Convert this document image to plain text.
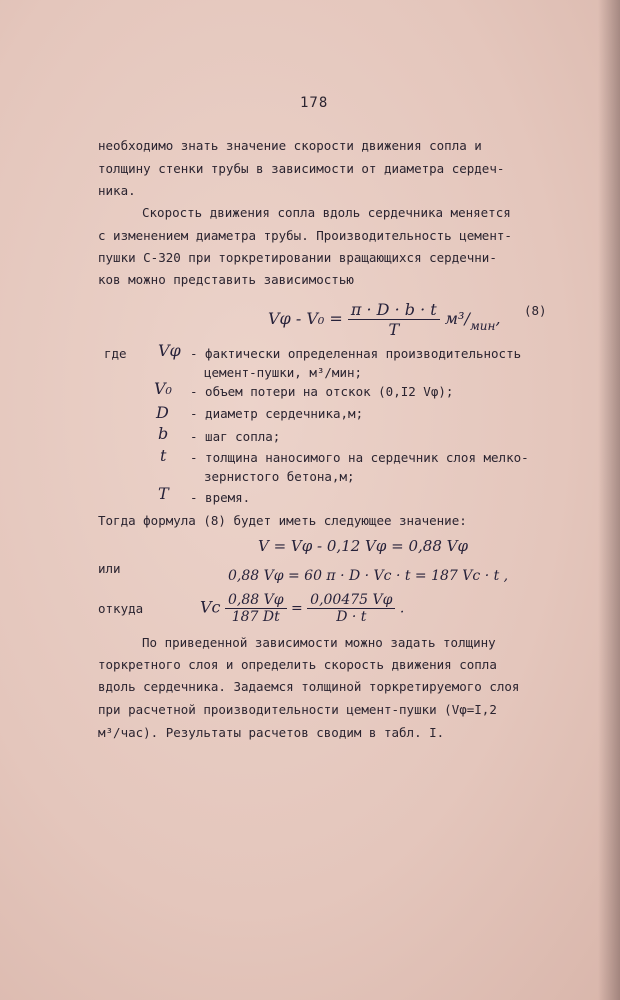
178
необходимо знать значение скорости движения сопла и
толщину стенки трубы в зависимости от диаметра сердеч-
ника.
Скорость движения сопла вдоль сердечника меняется
с изменением диаметра трубы. Производительность цемент-
пушки С-320 при торкретировании вращающихся сердечни-
ков можно представить зависимостью
$V\varphi - V_0 = \frac{\pi \cdot D \cdot b \cdot t}{T} м^3/_{мин}$, (8)
где Vφ - фактически определенная производительность
цемент-пушки, м³/мин;
V₀ - объем потери на отскок (0,I2 Vφ);
D - диаметр сердечника,м;
b - шаг сопла;
t - толщина наносимого на сердечник слоя мелко-
зернистого бетона,м;
T - время.
Тогда формула (8) будет иметь следующее значение:
V = Vφ - 0,12 Vφ = 0,88 Vφ
или	0,88 Vφ = 60 π · D · Vc · t = 187 Vc · t ,
откуда	Vc $\frac{0,88 V\varphi}{187 Dt} = \frac{0,00475 V\varphi}{D \cdot t}$ .
По приведенной зависимости можно задать толщину
торкретного слоя и определить скорость движения сопла
вдоль сердечника. Задаемся толщиной торкретируемого слоя
при расчетной производительности цемент-пушки (Vφ=I,2
м³/час). Результаты расчетов сводим в табл. I.
